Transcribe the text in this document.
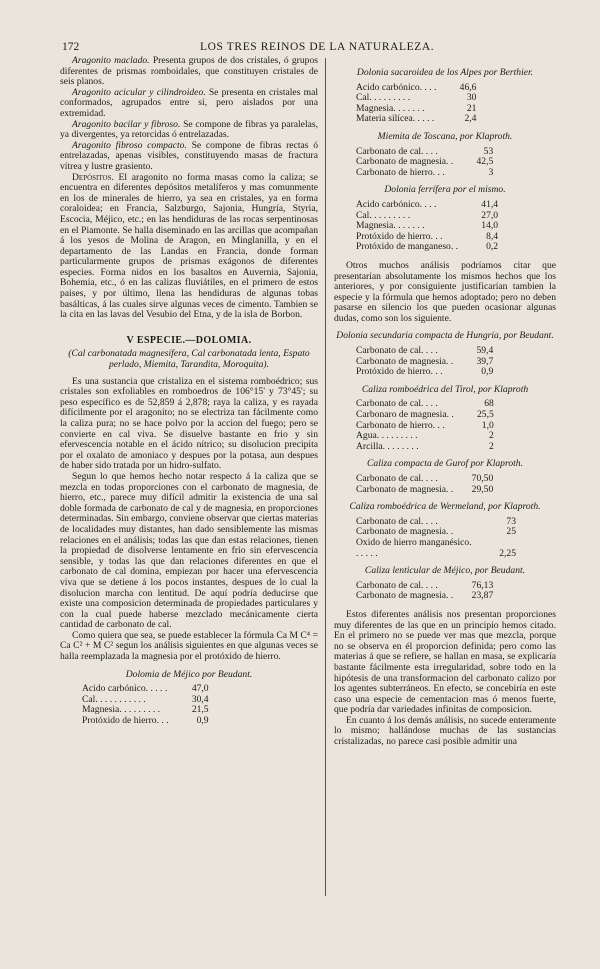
172	LOS TRES REINOS DE LA NATURALEZA.

Aragonito maclado. Presenta grupos de dos cristales, ó grupos diferentes de prismas romboidales, que constituyen cristales de seis planos.

Aragonito acicular y cilindroideo. Se presenta en cristales mal conformados, agrupados entre sí, pero aislados por una extremidad.

Aragonito bacilar y fibroso. Se compone de fibras ya paralelas, ya divergentes, ya retorcidas ó entrelazadas.

Aragonito fibroso compacto. Se compone de fibras rectas ó entrelazadas, apenas visibles, constituyendo masas de fractura vítrea y lustre grasiento.

Depósitos. El aragonito no forma masas como la caliza; se encuentra en diferentes depósitos metalíferos y mas comunmente en los de minerales de hierro, ya sea en cristales, ya en forma coraloidea; en Francia, Salzburgo, Sajonia, Hungría, Styria, Escocia, Méjico, etc.; en las hendiduras de las rocas serpentinosas en el Piamonte. Se halla diseminado en las arcillas que acompañan á los yesos de Molina de Aragon, en Minglanilla, y en el departamento de las Landas en Francia, donde forman particularmente grupos de prismas exágonos de diferentes especies. Forma nidos en los basaltos en Auvernia, Sajonia, Bohemia, etc., ó en las calizas fluviátiles, en el primero de estos paises, y por último, llena las hendiduras de algunas tobas basálticas, á las cuales sirve algunas veces de cimento. Tambien se la cita en las lavas del Vesubio del Etna, y de la isla de Borbon.

V ESPECIE.—DOLOMIA.
(Cal carbonatada magnesífera, Cal carbonatada lenta, Espato perlado, Miemita, Tarandita, Moroquita).

Es una sustancia que cristaliza en el sistema romboédrico; sus cristales son exfoliables en romboedros de 106°15' y 73°45'; su peso específico es de 52,859 á 2,878; raya la caliza, y es rayada difícilmente por el aragonito; no se electriza tan fácilmente como la caliza pura; no se hace polvo por la accion del fuego; pero se convierte en cal viva. Se disuelve bastante en frio y sin efervescencia notable en el ácido nítrico; su disolucion precipita por el oxalato de amoniaco y despues por la potasa, aun despues de haber sido tratada por un hidro-sulfato.

Segun lo que hemos hecho notar respecto á la caliza que se mezcla en todas proporciones con el carbonato de magnesia, de hierro, etc., parece muy difícil admitir la existencia de una sal doble formada de carbonato de cal y de magnesia, en proporciones determinadas. Sin embargo, conviene observar que ciertas materias de localidades muy distantes, han dado sensiblemente las mismas relaciones en el análisis; todas las que dan estas relaciones, tienen la propiedad de disolverse lentamente en frio sin efervescencia sensible, y todas las que dan relaciones diferentes en que el carbonato de cal domina, empiezan por hacer una efervescencia viva que se detiene á los pocos instantes, despues de lo cual la disolucion marcha con lentitud. De aquí podría deducirse que existe una composicion determinada de propiedades particulares y con la cual puede haberse mezclado mecánicamente cierta cantidad de carbonato de cal.

Como quiera que sea, se puede establecer la fórmula Ca M C⁴ = Ca C² + M C² segun los análisis siguientes en que algunas veces se halla reemplazada la magnesia por el protóxido de hierro.

Dolomia de Méjico por Beudant.
Acido carbónico. . . . .	47,0
Cal. . . . . . . . . . .	30,4
Magnesia. . . . . . . . .	21,5
Protóxido de hierro. . .	0,9
Dolonia sacaroidea de los Alpes por Berthier.
Acido carbónico. . . .	46,6
Cal. . . . . . . . .	30
Magnesia. . . . . . .	21
Materia silícea. . . . .	2,4
Miemita de Toscana, por Klaproth.
Carbonato de cal. . . .	53
Carbonato de magnesia. .	42,5
Carbonato de hierro. . .	3
Dolonia ferrífera por el mismo.
Acido carbónico. . . .	41,4
Cal. . . . . . . . .	27,0
Magnesia. . . . . . .	14,0
Protóxido de hierro. . .	8,4
Protóxido de manganeso. .	0,2

Otros muchos análisis podríamos citar que presentarían absolutamente los mismos hechos que los anteriores, y por consiguiente justificarían tambien la especie y la fórmula que hemos adoptado; pero no deben pasarse en silencio los que pueden ocasionar algunas dudas, como son los siguiente.

Dolonia secundaria compacta de Hungría, por Beudant.
Carbonato de cal. . . .	59,4
Carbonato de magnesia. .	39,7
Protóxido de hierro. . .	0,9
Caliza romboédrica del Tirol, por Klaproth
Carbonato de cal. . . .	68
Carbonaro de magnesia. .	25,5
Carbonato de hierro. . .	1,0
Agua. . . . . . . . .	2
Arcilla. . . . . . . .	2
Caliza compacta de Gurof por Klaproth.
Carbonato de cal. . . .	70,50
Carbonato de magnesia. .	29,50
Caliza romboédrica de Wermeland, por Klaproth.
Carbonato de cal. . . .	73
Carbonato de magnesia. .	25
Oxido de hierro manganésico. . . . . .	2,25
Caliza lenticular de Méjico, por Beudant.
Carbonato de cal. . . .	76,13
Carbonato de magnesia. .	23,87

Estos diferentes análisis nos presentan proporciones muy diferentes de las que en un principio hemos citado. En el primero no se puede ver mas que mezcla, porque no se observa en él proporcion definida; pero como las materias á que se refiere, se hallan en masa, se explicaría bastante fácilmente esta irregularidad, sobre todo en la hipótesis de una transformacion del carbonato calizo por los agentes subterráneos. En efecto, se concebiría en este caso una especie de cementacion mas ó menos fuerte, que podría dar variedades infinitas de composicion.

En cuanto á los demás análisis, no sucede enteramente lo mismo; hallándose muchas de las sustancias cristalizadas, no parece casi posible admitir una
